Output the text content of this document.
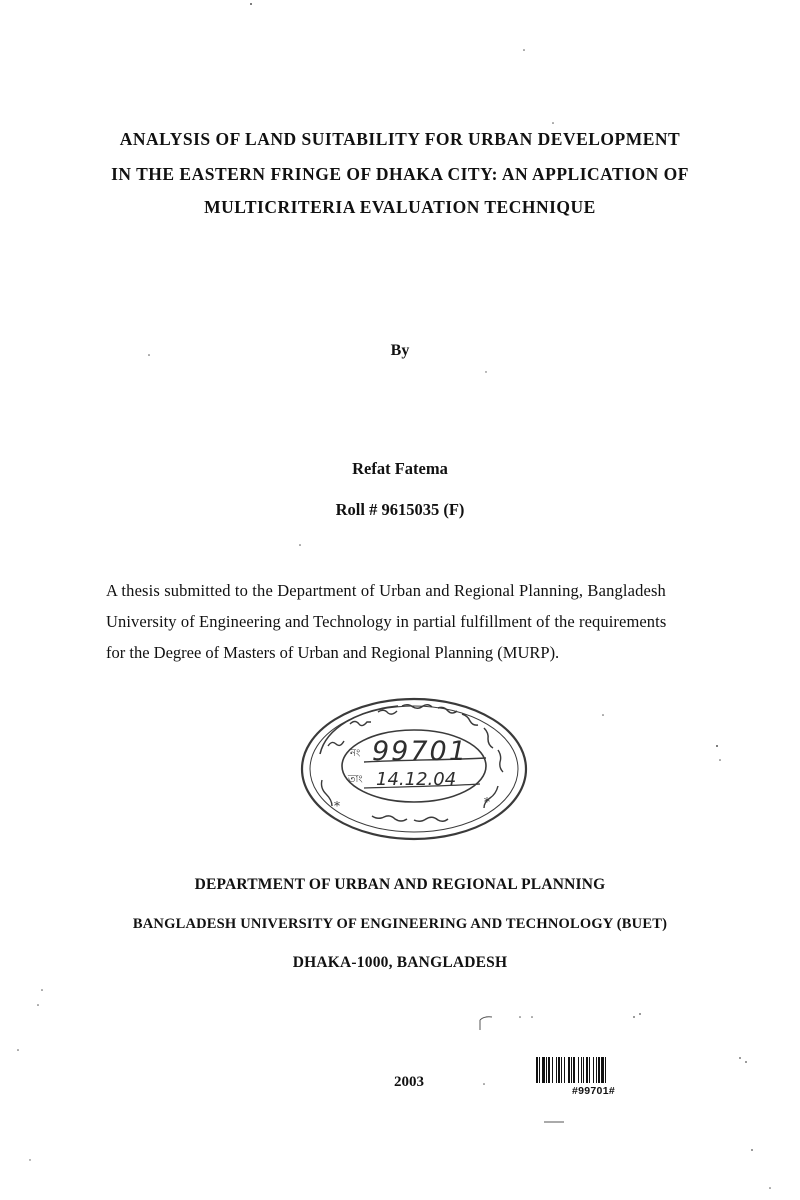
ANALYSIS OF LAND SUITABILITY FOR URBAN DEVELOPMENT
IN THE EASTERN FRINGE OF DHAKA CITY: AN APPLICATION OF
MULTICRITERIA EVALUATION TECHNIQUE
By
Refat Fatema
Roll # 9615035 (F)
A thesis submitted to the Department of Urban and Regional Planning, Bangladesh
University of Engineering and Technology in partial fulfillment of the requirements
for the Degree of Masters of Urban and Regional Planning (MURP).
নং
তাং
*	*
99701
14.12.04
DEPARTMENT OF URBAN AND REGIONAL PLANNING
BANGLADESH UNIVERSITY OF ENGINEERING AND TECHNOLOGY (BUET)
DHAKA-1000, BANGLADESH
2003
#99701#
